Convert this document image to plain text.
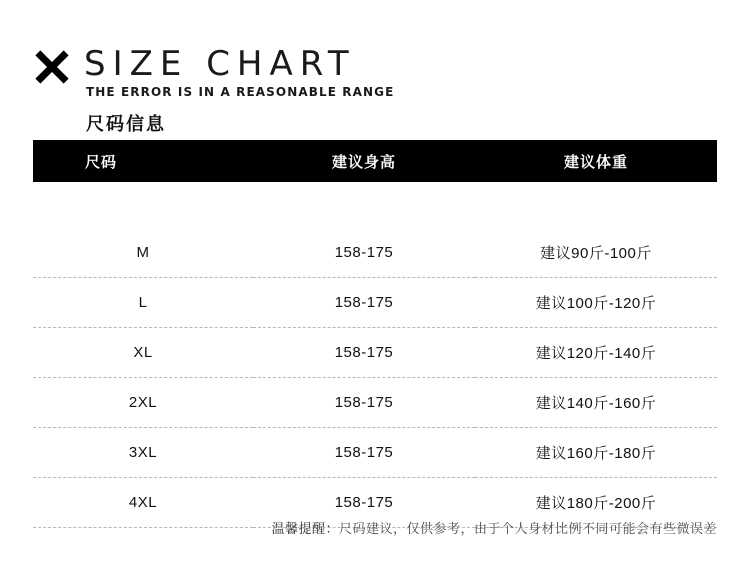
SIZE CHART
THE ERROR IS IN A REASONABLE RANGE
尺码信息
尺码	建议身高	建议体重

M	158-175	建议90斤-100斤
L	158-175	建议100斤-120斤
XL	158-175	建议120斤-140斤
2XL	158-175	建议140斤-160斤
3XL	158-175	建议160斤-180斤
4XL	158-175	建议180斤-200斤
温馨提醒：尺码建议，仅供参考，由于个人身材比例不同可能会有些微误差
